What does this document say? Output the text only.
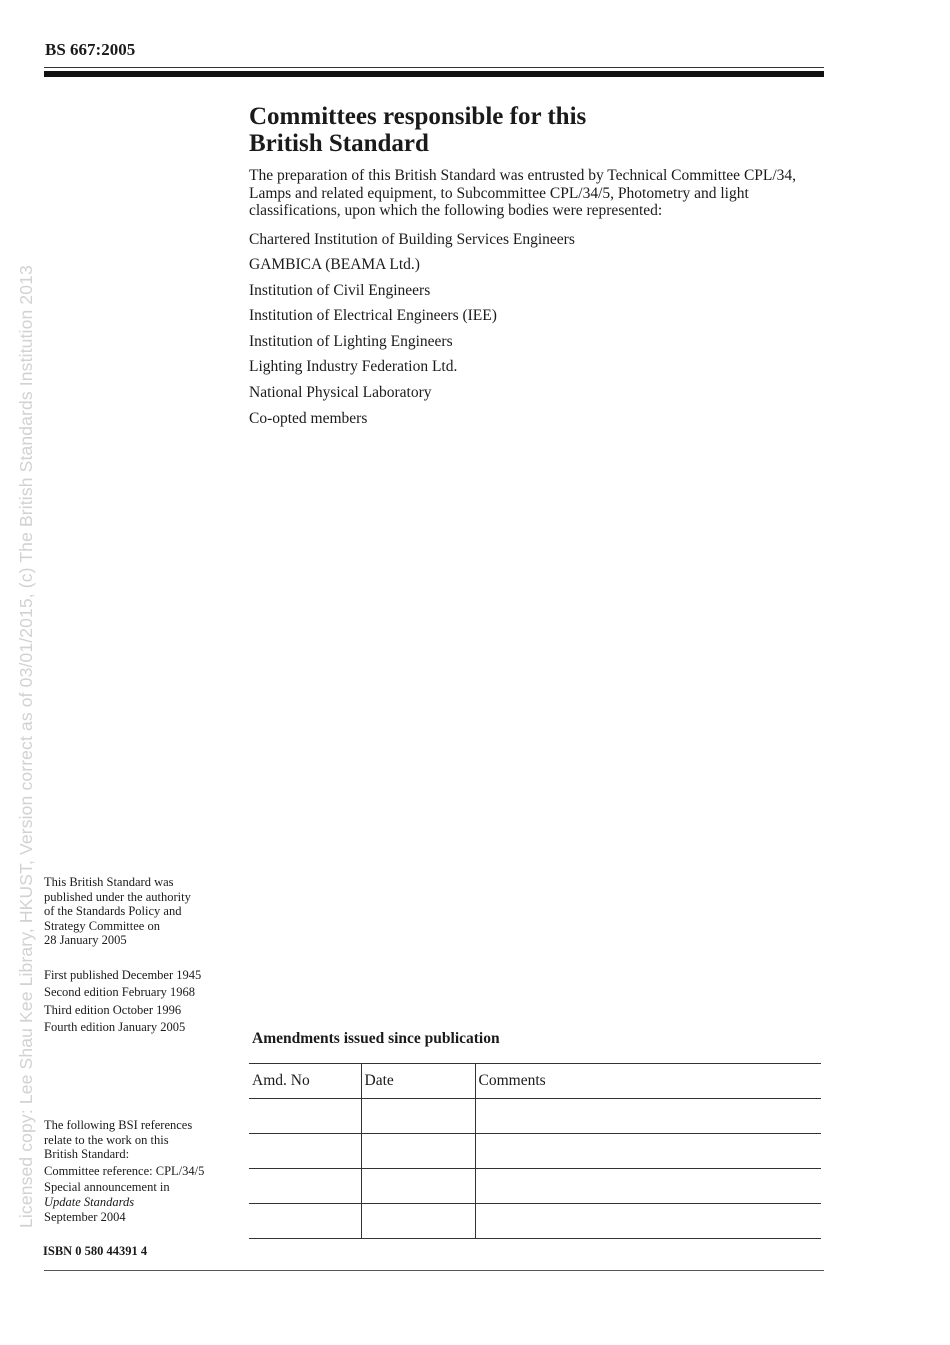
BS 667:2005
Licensed copy: Lee Shau Kee Library, HKUST, Version correct as of 03/01/2015, (c) The British Standards Institution 2013
Committees responsible for this
British Standard

The preparation of this British Standard was entrusted by Technical Committee CPL/34, Lamps and related equipment, to Subcommittee CPL/34/5, Photometry and light classifications, upon which the following bodies were represented:

Chartered Institution of Building Services Engineers
GAMBICA (BEAMA Ltd.)
Institution of Civil Engineers
Institution of Electrical Engineers (IEE)
Institution of Lighting Engineers
Lighting Industry Federation Ltd.
National Physical Laboratory
Co-opted members

This British Standard was

published under the authority

of the Standards Policy and

Strategy Committee on

28 January 2005

First published December 1945

Second edition February 1968

Third edition October 1996

Fourth edition January 2005

The following BSI references

relate to the work on this

British Standard:

Committee reference: CPL/34/5

Special announcement in

Update Standards

September 2004

ISBN 0 580 44391 4
Amendments issued since publication
Amd. No	Date	Comments
